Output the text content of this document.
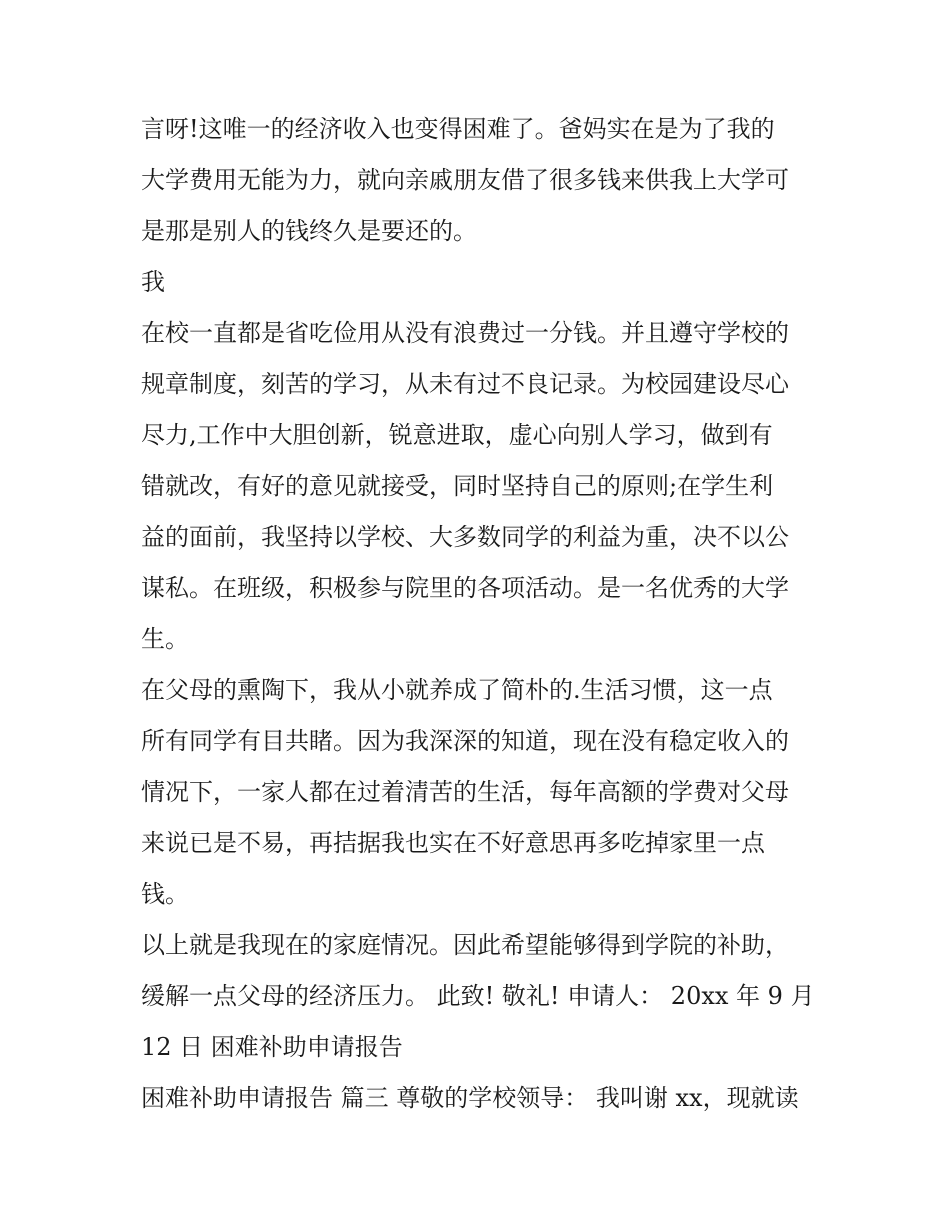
言呀!这唯一的经济收入也变得困难了。爸妈实在是为了我的
大学费用无能为力，就向亲戚朋友借了很多钱来供我上大学可
是那是别人的钱终久是要还的。
我
在校一直都是省吃俭用从没有浪费过一分钱。并且遵守学校的
规章制度，刻苦的学习，从未有过不良记录。为校园建设尽心
尽力,工作中大胆创新，锐意进取，虚心向别人学习，做到有
错就改，有好的意见就接受，同时坚持自己的原则;在学生利
益的面前，我坚持以学校、大多数同学的利益为重，决不以公
谋私。在班级，积极参与院里的各项活动。是一名优秀的大学
生。
在父母的熏陶下，我从小就养成了简朴的.生活习惯，这一点
所有同学有目共睹。因为我深深的知道，现在没有稳定收入的
情况下，一家人都在过着清苦的生活，每年高额的学费对父母
来说已是不易，再拮据我也实在不好意思再多吃掉家里一点
钱。
以上就是我现在的家庭情况。因此希望能够得到学院的补助，
缓解一点父母的经济压力。 此致! 敬礼! 申请人： 20xx 年 9 月
12 日 困难补助申请报告
困难补助申请报告 篇三 尊敬的学校领导： 我叫谢 xx，现就读
